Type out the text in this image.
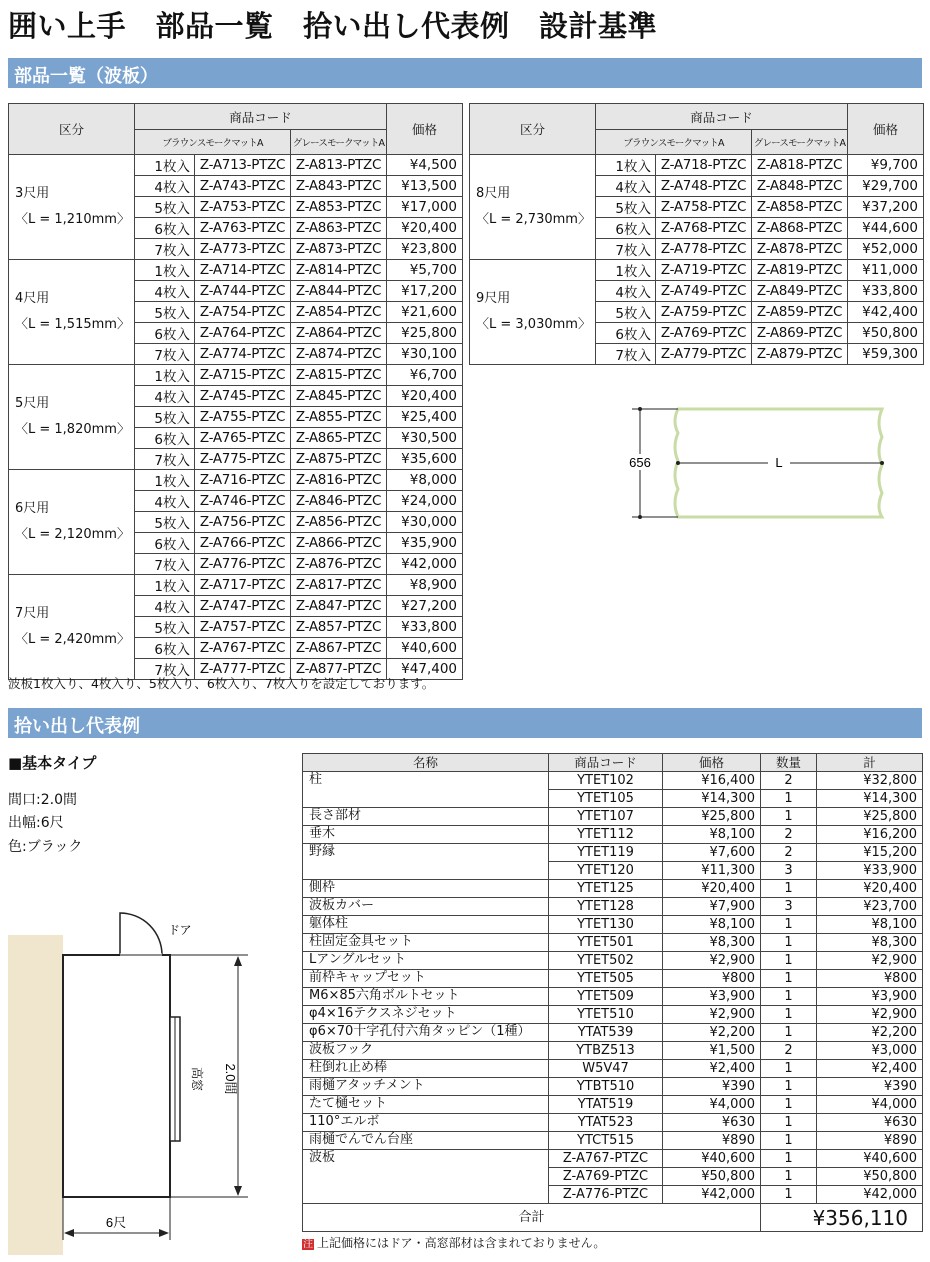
囲い上手　部品一覧　拾い出し代表例　設計基準
部品一覧（波板）
区分	商品コード			価格
	ブラウンスモークマットA		グレースモークマットA	

3尺用
〈L = 1,210mm〉	1枚入	Z-A713-PTZC	Z-A813-PTZC	¥4,500
	4枚入	Z-A743-PTZC	Z-A843-PTZC	¥13,500
	5枚入	Z-A753-PTZC	Z-A853-PTZC	¥17,000
	6枚入	Z-A763-PTZC	Z-A863-PTZC	¥20,400
	7枚入	Z-A773-PTZC	Z-A873-PTZC	¥23,800

4尺用
〈L = 1,515mm〉	1枚入	Z-A714-PTZC	Z-A814-PTZC	¥5,700
	4枚入	Z-A744-PTZC	Z-A844-PTZC	¥17,200
	5枚入	Z-A754-PTZC	Z-A854-PTZC	¥21,600
	6枚入	Z-A764-PTZC	Z-A864-PTZC	¥25,800
	7枚入	Z-A774-PTZC	Z-A874-PTZC	¥30,100

5尺用
〈L = 1,820mm〉	1枚入	Z-A715-PTZC	Z-A815-PTZC	¥6,700
	4枚入	Z-A745-PTZC	Z-A845-PTZC	¥20,400
	5枚入	Z-A755-PTZC	Z-A855-PTZC	¥25,400
	6枚入	Z-A765-PTZC	Z-A865-PTZC	¥30,500
	7枚入	Z-A775-PTZC	Z-A875-PTZC	¥35,600

6尺用
〈L = 2,120mm〉	1枚入	Z-A716-PTZC	Z-A816-PTZC	¥8,000
	4枚入	Z-A746-PTZC	Z-A846-PTZC	¥24,000
	5枚入	Z-A756-PTZC	Z-A856-PTZC	¥30,000
	6枚入	Z-A766-PTZC	Z-A866-PTZC	¥35,900
	7枚入	Z-A776-PTZC	Z-A876-PTZC	¥42,000

7尺用
〈L = 2,420mm〉	1枚入	Z-A717-PTZC	Z-A817-PTZC	¥8,900
	4枚入	Z-A747-PTZC	Z-A847-PTZC	¥27,200
	5枚入	Z-A757-PTZC	Z-A857-PTZC	¥33,800
	6枚入	Z-A767-PTZC	Z-A867-PTZC	¥40,600
	7枚入	Z-A777-PTZC	Z-A877-PTZC	¥47,400
区分	商品コード			価格
	ブラウンスモークマットA		グレースモークマットA	

8尺用
〈L = 2,730mm〉	1枚入	Z-A718-PTZC	Z-A818-PTZC	¥9,700
	4枚入	Z-A748-PTZC	Z-A848-PTZC	¥29,700
	5枚入	Z-A758-PTZC	Z-A858-PTZC	¥37,200
	6枚入	Z-A768-PTZC	Z-A868-PTZC	¥44,600
	7枚入	Z-A778-PTZC	Z-A878-PTZC	¥52,000

9尺用
〈L = 3,030mm〉	1枚入	Z-A719-PTZC	Z-A819-PTZC	¥11,000
	4枚入	Z-A749-PTZC	Z-A849-PTZC	¥33,800
	5枚入	Z-A759-PTZC	Z-A859-PTZC	¥42,400
	6枚入	Z-A769-PTZC	Z-A869-PTZC	¥50,800
	7枚入	Z-A779-PTZC	Z-A879-PTZC	¥59,300
656	L
波板1枚入り、4枚入り、5枚入り、6枚入り、7枚入りを設定しております。
拾い出し代表例
■基本タイプ
間口:2.0間
出幅:6尺
色:ブラック
ドア
高窓 2.0間
6尺
名称	商品コード	価格	数量	計
柱	YTET102	¥16,400	2	¥32,800
	YTET105	¥14,300	1	¥14,300
長さ部材	YTET107	¥25,800	1	¥25,800
垂木	YTET112	¥8,100	2	¥16,200
野縁	YTET119	¥7,600	2	¥15,200
	YTET120	¥11,300	3	¥33,900
側枠	YTET125	¥20,400	1	¥20,400
波板カバー	YTET128	¥7,900	3	¥23,700
躯体柱	YTET130	¥8,100	1	¥8,100
柱固定金具セット	YTET501	¥8,300	1	¥8,300
Lアングルセット	YTET502	¥2,900	1	¥2,900
前枠キャップセット	YTET505	¥800	1	¥800
M6×85六角ボルトセット	YTET509	¥3,900	1	¥3,900
φ4×16テクスネジセット	YTET510	¥2,900	1	¥2,900
φ6×70十字孔付六角タッピン（1種）	YTAT539	¥2,200	1	¥2,200
波板フック	YTBZ513	¥1,500	2	¥3,000
柱倒れ止め棒	W5V47	¥2,400	1	¥2,400
雨樋アタッチメント	YTBT510	¥390	1	¥390
たて樋セット	YTAT519	¥4,000	1	¥4,000
110°エルボ	YTAT523	¥630	1	¥630
雨樋でんでん台座	YTCT515	¥890	1	¥890
波板	Z-A767-PTZC	¥40,600	1	¥40,600
	Z-A769-PTZC	¥50,800	1	¥50,800
	Z-A776-PTZC	¥42,000	1	¥42,000
合計			¥356,110	
注 上記価格にはドア・高窓部材は含まれておりません。
